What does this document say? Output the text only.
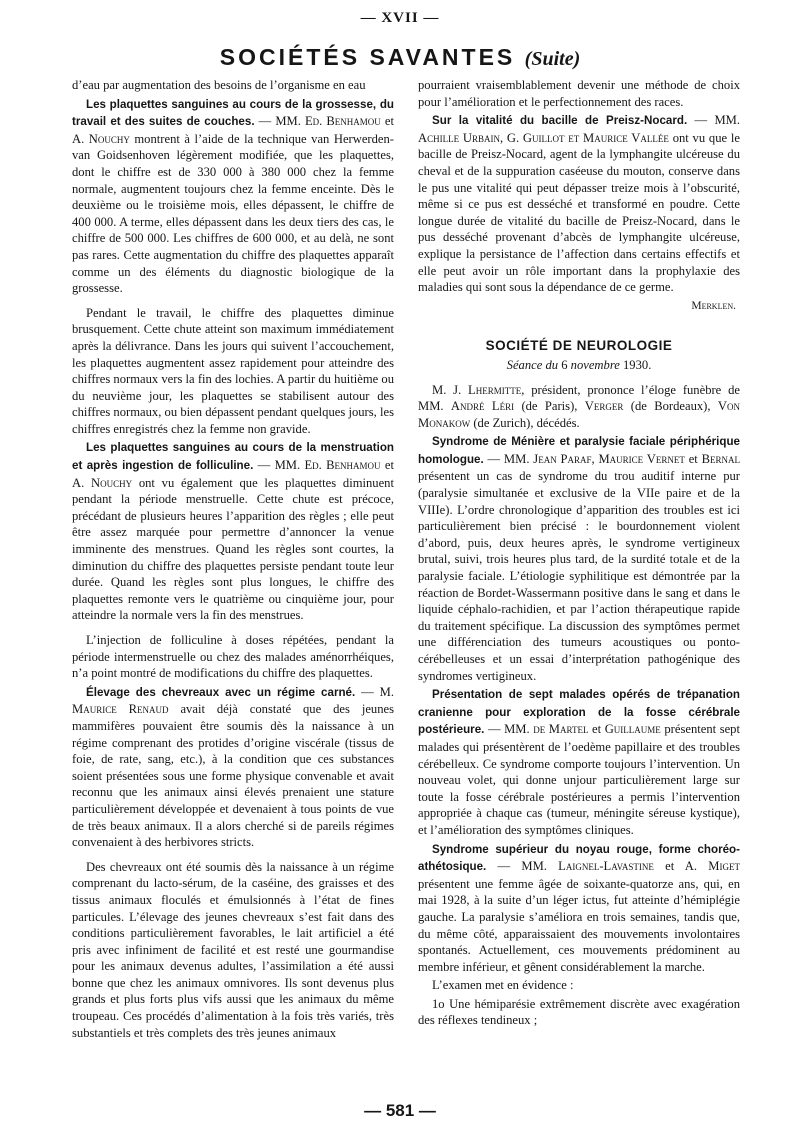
— XVII —
SOCIÉTÉS SAVANTES (Suite)

d’eau par augmentation des besoins de l’organisme en eau

Les plaquettes sanguines au cours de la grossesse, du travail et des suites de couches. — MM. Ed. Benhamou et A. Nouchy montrent à l’aide de la technique van Herwerden-van Goidsenhoven légèrement modifiée, que les plaquettes, dont le chiffre est de 330 000 à 380 000 chez la femme normale, augmentent toujours chez la femme enceinte. Dès le deuxième ou le troisième mois, elles dépassent, le chiffre de 400 000. A terme, elles dépassent dans les deux tiers des cas, le chiffre de 500 000. Les chiffres de 600 000, et au delà, ne sont pas rares. Cette augmentation du chiffre des plaquettes apparaît comme un des éléments du diagnostic biologique de la grossesse.

Pendant le travail, le chiffre des plaquettes diminue brusquement. Cette chute atteint son maximum immédiatement après la délivrance. Dans les jours qui suivent l’accouchement, les plaquettes augmentent assez rapidement pour atteindre des chiffres normaux vers la fin des lochies. A partir du huitième ou du neuvième jour, les plaquettes se stabilisent autour des chiffres normaux, ou bien dépassent pendant quelques jours, les chiffres enregistrés chez la femme non gravide.

Les plaquettes sanguines au cours de la menstruation et après ingestion de folliculine. — MM. Ed. Benhamou et A. Nouchy ont vu également que les plaquettes diminuent pendant la période menstruelle. Cette chute est précoce, précédant de plusieurs heures l’apparition des règles ; elle peut être assez marquée pour permettre d’annoncer la venue imminente des menstrues. Quand les règles sont courtes, la diminution du chiffre des plaquettes persiste pendant toute leur durée. Quand les règles sont plus longues, le chiffre des plaquettes remonte vers le quatrième ou cinquième jour, pour atteindre la normale vers la fin des menstrues.

L’injection de folliculine à doses répétées, pendant la période intermenstruelle ou chez des malades aménorrhéiques, n’a point montré de modifications du chiffre des plaquettes.

Élevage des chevreaux avec un régime carné. — M. Maurice Renaud avait déjà constaté que des jeunes mammifères pouvaient être soumis dès la naissance à un régime comprenant des protides d’origine viscérale (tissus de foie, de rate, sang, etc.), à la condition que ces substances soient présentées sous une forme physique convenable et avait reconnu que les animaux ainsi élevés prenaient une stature particulièrement développée et devenaient à tous points de vue de très beaux animaux. Il a alors cherché si de pareils régimes convenaient à des herbivores stricts.

Des chevreaux ont été soumis dès la naissance à un régime comprenant du lacto-sérum, de la caséine, des graisses et des tissus animaux floculés et émulsionnés à l’état de fines particules. L’élevage des jeunes chevreaux s’est fait dans des conditions particulièrement favorables, le lait artificiel a été pris avec infiniment de facilité et est resté une gourmandise pour les animaux devenus adultes, l’assimilation a été aussi bonne que chez les animaux omnivores. Ils sont devenus plus grands et plus forts plus vifs aussi que les animaux du même troupeau. Ces procédés d’alimentation à la fois très variés, très substantiels et très complets des très jeunes animaux

pourraient vraisemblablement devenir une méthode de choix pour l’amélioration et le perfectionnement des races.

Sur la vitalité du bacille de Preisz-Nocard. — MM. Achille Urbain, G. Guillot et Maurice Vallée ont vu que le bacille de Preisz-Nocard, agent de la lymphangite ulcéreuse du cheval et de la suppuration caséeuse du mouton, conserve dans le pus une vitalité qui peut dépasser treize mois à l’obscurité, même si ce pus est desséché et transformé en poudre. Cette longue durée de vitalité du bacille de Preisz-Nocard, dans le pus desséché provenant d’abcès de lymphangite ulcéreuse, explique la persistance de l’affection dans certains effectifs et elle peut avoir un rôle important dans la prophylaxie des maladies qui sont sous la dépendance de ce germe.

Merklen.
SOCIÉTÉ DE NEUROLOGIE
Séance du 6 novembre 1930.

M. J. Lhermitte, président, prononce l’éloge funèbre de MM. André Léri (de Paris), Verger (de Bordeaux), Von Monakow (de Zurich), décédés.

Syndrome de Ménière et paralysie faciale périphérique homologue. — MM. Jean Paraf, Maurice Vernet et Bernal présentent un cas de syndrome du trou auditif interne pur (paralysie simultanée et exclusive de la VIIe paire et de la VIIIe). L’ordre chronologique d’apparition des troubles est ici particulièrement bien précisé : le bourdonnement violent d’abord, puis, deux heures après, le syndrome vertigineux brutal, suivi, trois heures plus tard, de la surdité totale et de la paralysie faciale. L’étiologie syphilitique est démontrée par la réaction de Bordet-Wassermann positive dans le sang et dans le liquide céphalo-rachidien, et par l’action thérapeutique rapide du traitement spécifique. La discussion des symptômes permet une différenciation des tumeurs acoustiques ou ponto-cérébelleuses et un essai d’interprétation pathogénique des syndromes vertigineux.

Présentation de sept malades opérés de trépanation cranienne pour exploration de la fosse cérébrale postérieure. — MM. de Martel et Guillaume présentent sept malades qui présentèrent de l’oedème papillaire et des troubles cérébelleux. Ce syndrome comporte toujours l’intervention. Un nouveau volet, qui donne unjour particulièrement large sur toute la fosse cérébrale postérieures a permis l’intervention appropriée à chaque cas (tumeur, méningite séreuse kystique), et l’amélioration des symptômes cliniques.

Syndrome supérieur du noyau rouge, forme choréo-athétosique. — MM. Laignel-Lavastine et A. Miget présentent une femme âgée de soixante-quatorze ans, qui, en mai 1928, à la suite d’un léger ictus, fut atteinte d’hémiplégie gauche. La paralysie s’améliora en trois semaines, tandis que, du même côté, apparaissaient des mouvements involontaires spontanés. Actuellement, ces mouvements prédominent au membre inférieur, et gênent considérablement la marche.

L’examen met en évidence :

1o Une hémiparésie extrêmement discrète avec exagération des réflexes tendineux ;

— 581 —
